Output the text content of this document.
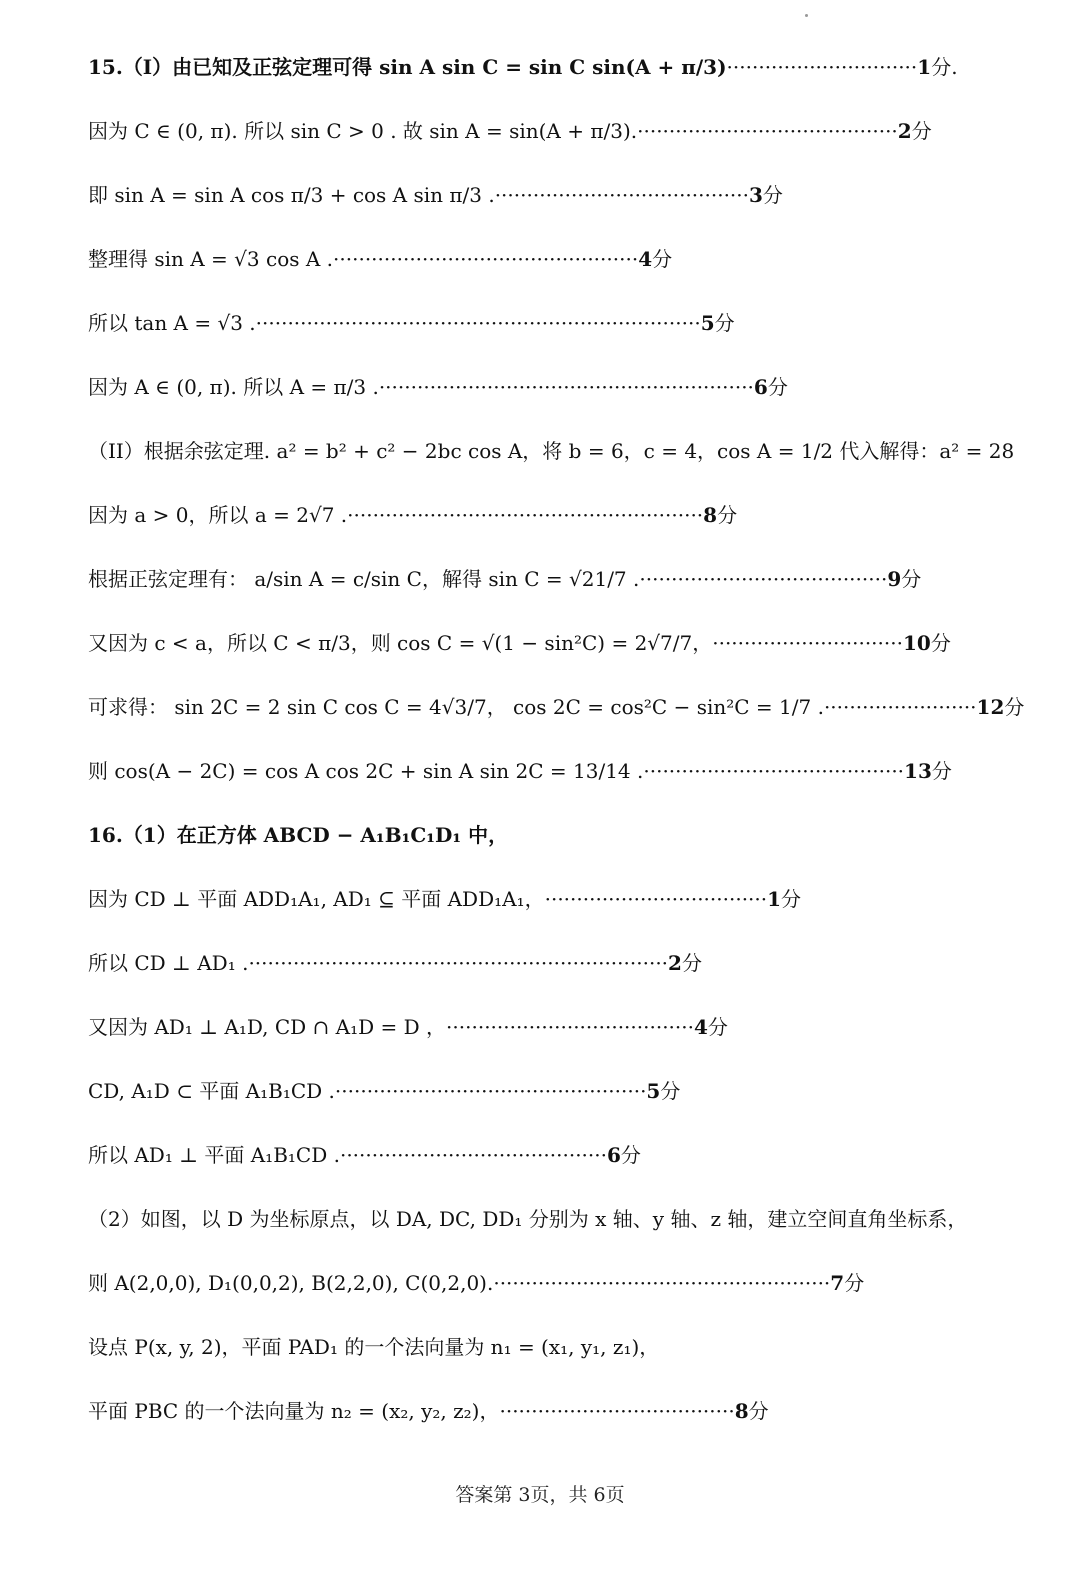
15.（I）由已知及正弦定理可得 sin A sin C = sin C sin(A + π/3)······························1分.
因为 C ∈ (0, π). 所以 sin C > 0 . 故 sin A = sin(A + π/3).·········································2分
即 sin A = sin A cos π/3 + cos A sin π/3 .········································3分
整理得 sin A = √3 cos A .················································4分
所以 tan A = √3 .······································································5分
因为 A ∈ (0, π). 所以 A = π/3 .···························································6分
（II）根据余弦定理. a² = b² + c² − 2bc cos A，将 b = 6，c = 4，cos A = 1/2 代入解得：a² = 28
因为 a > 0，所以 a = 2√7 .························································8分
根据正弦定理有： a/sin A = c/sin C，解得 sin C = √21/7 .·······································9分
又因为 c < a，所以 C < π/3，则 cos C = √(1 − sin²C) = 2√7/7，······························10分
可求得： sin 2C = 2 sin C cos C = 4√3/7， cos 2C = cos²C − sin²C = 1/7 .························12分
则 cos(A − 2C) = cos A cos 2C + sin A sin 2C = 13/14 .·········································13分
16.（1）在正方体 ABCD − A₁B₁C₁D₁ 中，
因为 CD ⊥ 平面 ADD₁A₁, AD₁ ⊆ 平面 ADD₁A₁，···································1分
所以 CD ⊥ AD₁ .··································································2分
又因为 AD₁ ⊥ A₁D, CD ∩ A₁D = D ，·······································4分
CD, A₁D ⊂ 平面 A₁B₁CD .·················································5分
所以 AD₁ ⊥ 平面 A₁B₁CD .··········································6分
（2）如图，以 D 为坐标原点，以 DA, DC, DD₁ 分别为 x 轴、y 轴、z 轴，建立空间直角坐标系，
则 A(2,0,0), D₁(0,0,2), B(2,2,0), C(0,2,0).·····················································7分
设点 P(x, y, 2)，平面 PAD₁ 的一个法向量为 n₁ = (x₁, y₁, z₁)，
平面 PBC 的一个法向量为 n₂ = (x₂, y₂, z₂)，·····································8分
答案第 3页，共 6页
